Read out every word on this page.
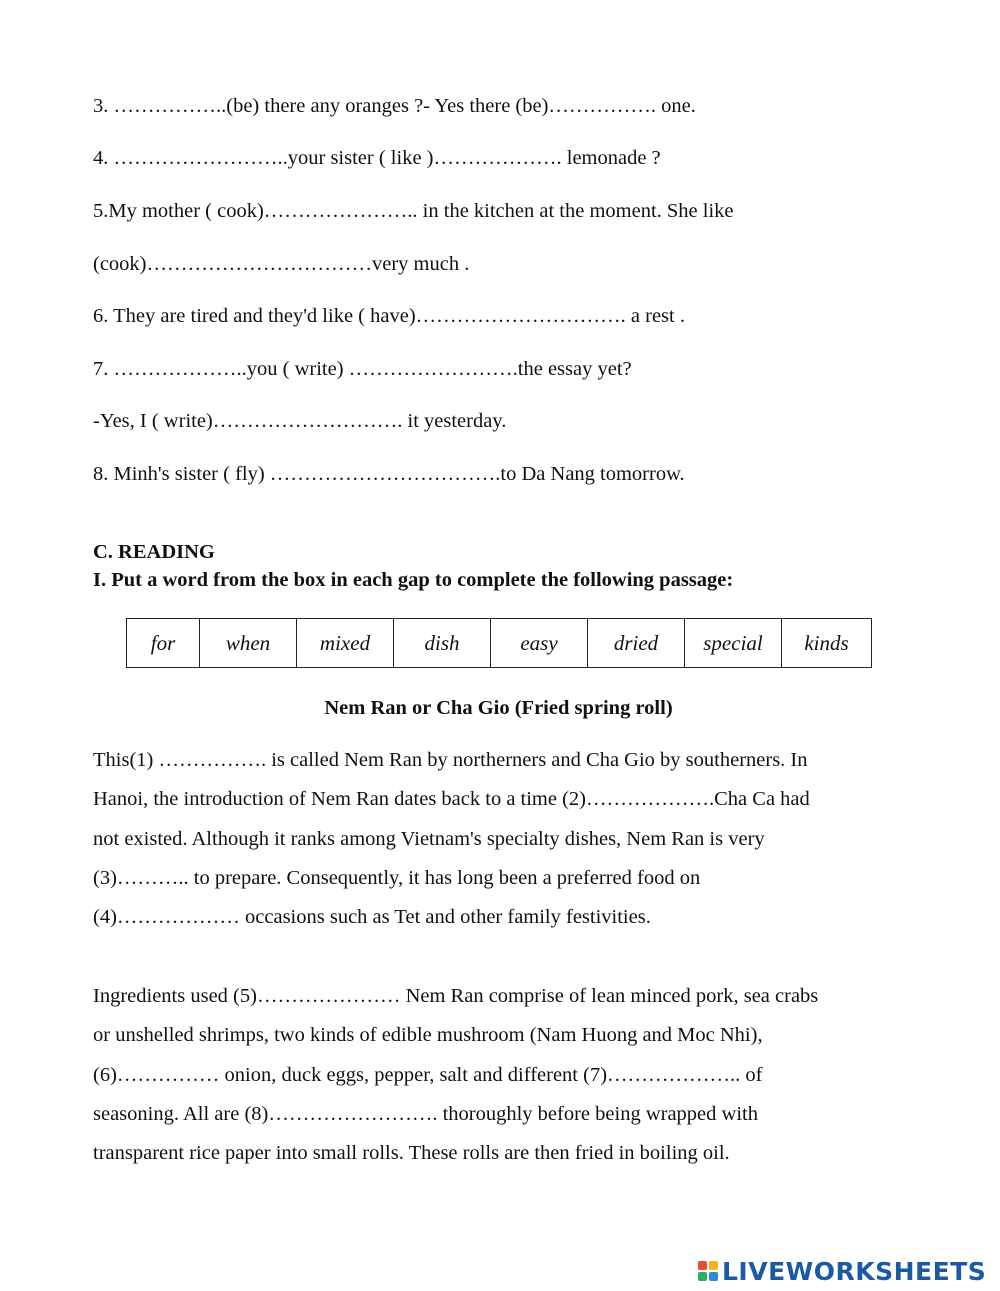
3. ……………..(be) there any oranges ?- Yes there (be)……………. one.
4. ……………………..your sister ( like )………………. lemonade ?
5.My mother ( cook)………………….. in the kitchen at the moment. She like
(cook)……………………………very much .
6. They are tired and they'd like ( have)…………………………. a rest .
7. ………………..you ( write) …………………….the essay yet?
-Yes, I ( write)………………………. it yesterday.
8. Minh's sister ( fly) …………………………….to Da Nang tomorrow.
C. READING
I. Put a word from the box in each gap to complete the following passage:
for	when	mixed	dish	easy	dried	special	kinds
Nem Ran or Cha Gio (Fried spring roll)
This(1) ……………. is called Nem Ran by northerners and Cha Gio by southerners. In
Hanoi, the introduction of Nem Ran dates back to a time (2)……………….Cha Ca had
not existed. Although it ranks among Vietnam's specialty dishes, Nem Ran is very
(3)……….. to prepare. Consequently, it has long been a preferred food on
(4)……………… occasions such as Tet and other family festivities.
Ingredients used (5)………………… Nem Ran comprise of lean minced pork, sea crabs
or unshelled shrimps, two kinds of edible mushroom (Nam Huong and Moc Nhi),
(6)…………… onion, duck eggs, pepper, salt and different (7)……………….. of
seasoning. All are (8)……………………. thoroughly before being wrapped with
transparent rice paper into small rolls. These rolls are then fried in boiling oil.
LIVEWORKSHEETS
